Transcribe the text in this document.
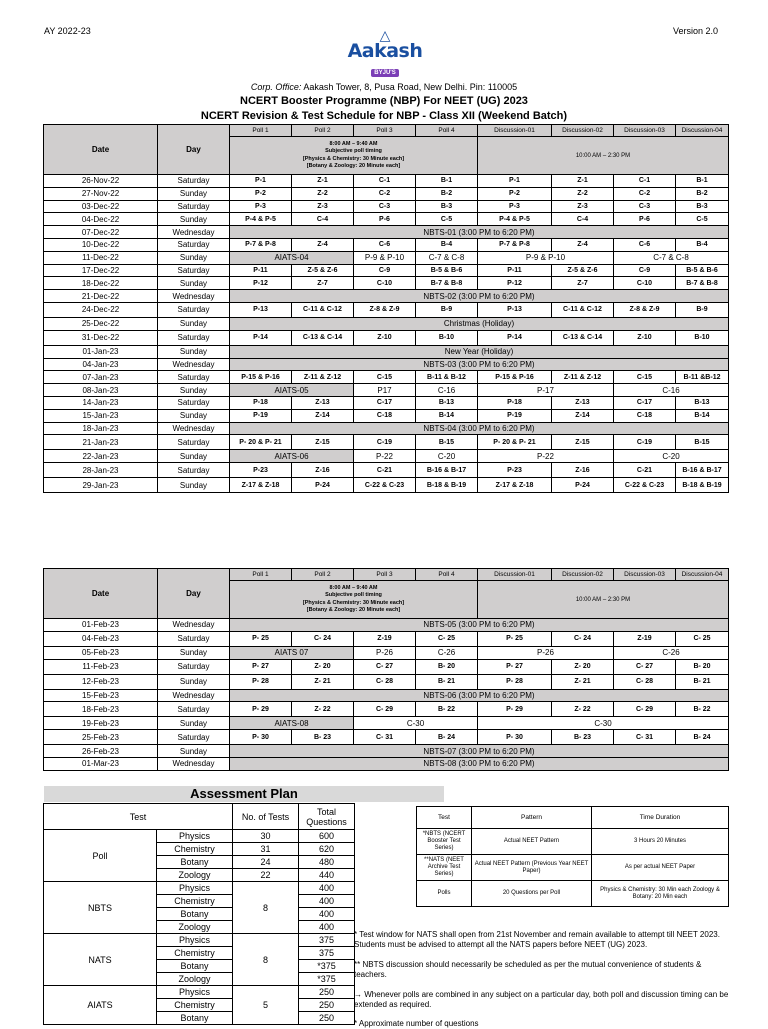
AY 2022-23	Version 2.0
△
Aakash
BYJU'S
Corp. Office: Aakash Tower, 8, Pusa Road, New Delhi. Pin: 110005
NCERT Booster Programme (NBP) For NEET (UG) 2023
NCERT Revision & Test Schedule for NBP - Class XII (Weekend Batch)
Date	Day	Poll 1	Poll 2	Poll 3	Poll 4	Discussion-01	Discussion-02	Discussion-03	Discussion-04

		8:00 AM – 9:40 AM
Subjective poll timing
[Physics & Chemistry: 30 Minute each]
[Botany & Zoology: 20 Minute each]				10:00 AM – 2:30 PM			
26-Nov-22	Saturday	P-1	Z-1	C-1	B-1	P-1	Z-1	C-1	B-1
27-Nov-22	Sunday	P-2	Z-2	C-2	B-2	P-2	Z-2	C-2	B-2
03-Dec-22	Saturday	P-3	Z-3	C-3	B-3	P-3	Z-3	C-3	B-3
04-Dec-22	Sunday	P-4 & P-5	C-4	P-6	C-5	P-4 & P-5	C-4	P-6	C-5
07-Dec-22	Wednesday	NBTS-01 (3:00 PM to 6:20 PM)							
10-Dec-22	Saturday	P-7 & P-8	Z-4	C-6	B-4	P-7 & P-8	Z-4	C-6	B-4
11-Dec-22	Sunday	AIATS-04		P-9 & P-10	C-7 & C-8	P-9 & P-10		C-7 & C-8	
17-Dec-22	Saturday	P-11	Z-5 & Z-6	C-9	B-5 & B-6	P-11	Z-5 & Z-6	C-9	B-5 & B-6
18-Dec-22	Sunday	P-12	Z-7	C-10	B-7 & B-8	P-12	Z-7	C-10	B-7 & B-8
21-Dec-22	Wednesday	NBTS-02 (3:00 PM to 6:20 PM)							
24-Dec-22	Saturday	P-13	C-11 & C-12	Z-8 & Z-9	B-9	P-13	C-11 & C-12	Z-8 & Z-9	B-9
25-Dec-22	Sunday	Christmas (Holiday)							
31-Dec-22	Saturday	P-14	C-13 & C-14	Z-10	B-10	P-14	C-13 & C-14	Z-10	B-10
01-Jan-23	Sunday	New Year (Holiday)							
04-Jan-23	Wednesday	NBTS-03 (3:00 PM to 6:20 PM)							
07-Jan-23	Saturday	P-15 & P-16	Z-11 & Z-12	C-15	B-11 & B-12	P-15 & P-16	Z-11 & Z-12	C-15	B-11 &B-12
08-Jan-23	Sunday	AIATS-05		P17	C-16	P-17		C-16	
14-Jan-23	Saturday	P-18	Z-13	C-17	B-13	P-18	Z-13	C-17	B-13
15-Jan-23	Sunday	P-19	Z-14	C-18	B-14	P-19	Z-14	C-18	B-14
18-Jan-23	Wednesday	NBTS-04 (3:00 PM to 6:20 PM)							
21-Jan-23	Saturday	P- 20 & P- 21	Z-15	C-19	B-15	P- 20 & P- 21	Z-15	C-19	B-15
22-Jan-23	Sunday	AIATS-06		P-22	C-20	P-22		C-20	
28-Jan-23	Saturday	P-23	Z-16	C-21	B-16 & B-17	P-23	Z-16	C-21	B-16 & B-17
29-Jan-23	Sunday	Z-17 & Z-18	P-24	C-22 & C-23	B-18 & B-19	Z-17 & Z-18	P-24	C-22 & C-23	B-18 & B-19
Date	Day	Poll 1	Poll 2	Poll 3	Poll 4	Discussion-01	Discussion-02	Discussion-03	Discussion-04

		8:00 AM – 9:40 AM
Subjective poll timing
[Physics & Chemistry: 30 Minute each]
[Botany & Zoology: 20 Minute each]				10:00 AM – 2:30 PM			
01-Feb-23	Wednesday	NBTS-05 (3:00 PM to 6:20 PM)							
04-Feb-23	Saturday	P- 25	C- 24	Z-19	C- 25	P- 25	C- 24	Z-19	C- 25
05-Feb-23	Sunday	AIATS 07		P-26	C-26	P-26		C-26	
11-Feb-23	Saturday	P- 27	Z- 20	C- 27	B- 20	P- 27	Z- 20	C- 27	B- 20
12-Feb-23	Sunday	P- 28	Z- 21	C- 28	B- 21	P- 28	Z- 21	C- 28	B- 21
15-Feb-23	Wednesday	NBTS-06 (3:00 PM to 6:20 PM)							
18-Feb-23	Saturday	P- 29	Z- 22	C- 29	B- 22	P- 29	Z- 22	C- 29	B- 22
19-Feb-23	Sunday	AIATS-08		C-30		C-30			
25-Feb-23	Saturday	P- 30	B- 23	C- 31	B- 24	P- 30	B- 23	C- 31	B- 24
26-Feb-23	Sunday	NBTS-07 (3:00 PM to 6:20 PM)							
01-Mar-23	Wednesday	NBTS-08 (3:00 PM to 6:20 PM)							
Assessment Plan
Test		No. of Tests	Total Questions
Poll	Physics	30	600
	Chemistry	31	620
	Botany	24	480
	Zoology	22	440
NBTS	Physics	8	400
	Chemistry		400
	Botany		400
	Zoology		400
NATS	Physics	8	375
	Chemistry		375
	Botany		*375
	Zoology		*375
AIATS	Physics	5	250
	Chemistry		250
	Botany		250
Test	Pattern	Time Duration
*NBTS (NCERT Booster Test Series)	Actual NEET Pattern	3 Hours 20 Minutes
**NATS (NEET Archive Test Series)	Actual NEET Pattern (Previous Year NEET Paper)	As per actual NEET Paper
Polls	20 Questions per Poll	Physics & Chemistry: 30 Min each Zoology & Botany: 20 Min each
* Test window for NATS shall open from 21st November and remain available to attempt till NEET 2023. Students must be advised to attempt all the NATS papers before NEET (UG) 2023.
** NBTS discussion should necessarily be scheduled as per the mutual convenience of students & teachers.
→ Whenever polls are combined in any subject on a particular day, both poll and discussion timing can be extended as required.
* Approximate number of questions
